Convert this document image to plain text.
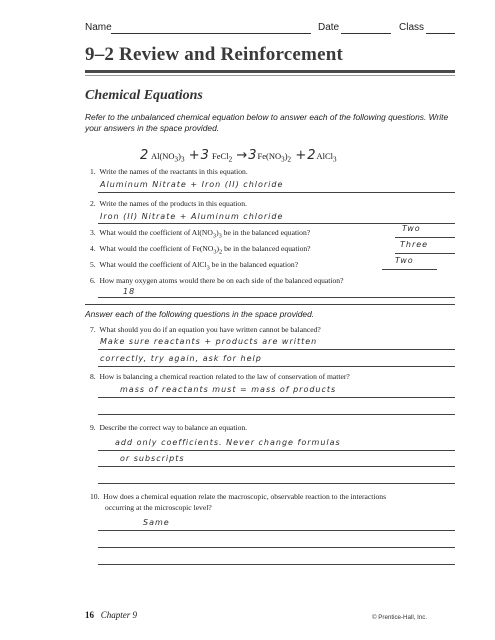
Name	Date	Class
9–2 Review and Reinforcement
Chemical Equations
Refer to the unbalanced chemical equation below to answer each of the following questions. Write your answers in the space provided.
2 $Al(NO_3)_3 +3$ FeCl$_2$ $\to 3Fe(NO_3)_2$ +2AlCl$_3$
1. Write the names of the reactants in this equation.
Aluminum Nitrate + Iron (II) chloride
2. Write the names of the products in this equation.
Iron (II) Nitrate + Aluminum chloride
3. What would the coefficient of $Al(NO_3)_3$ be in the balanced equation?	Two
4. What would the coefficient of $Fe(NO_3)_2$ be in the balanced equation?	Three
5. What would the coefficient of AlCl$_3$ be in the balanced equation?	Two
6. How many oxygen atoms would there be on each side of the balanced equation?
18
Answer each of the following questions in the space provided.
7. What should you do if an equation you have written cannot be balanced?
Make sure reactants + products are written
correctly, try again, ask for help
8. How is balancing a chemical reaction related to the law of conservation of matter?
mass of reactants must = mass of products
9. Describe the correct way to balance an equation.
add only coefficients. Never change formulas
or subscripts
10. How does a chemical equation relate the macroscopic, observable reaction to the interactions
occurring at the microscopic level?
Same
16 Chapter 9	© Prentice-Hall, Inc.
